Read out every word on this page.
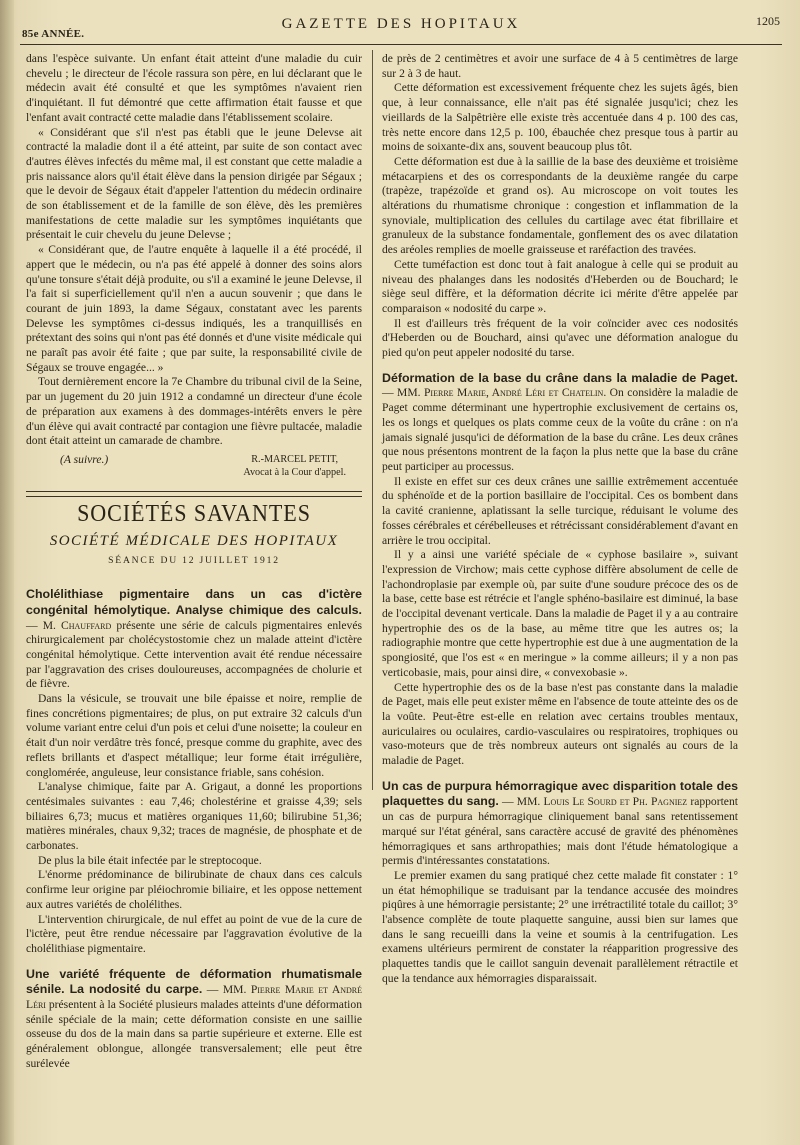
85e ANNÉE.
GAZETTE DES HOPITAUX	1205

dans l'espèce suivante. Un enfant était atteint d'une maladie du cuir chevelu ; le directeur de l'école rassura son père, en lui déclarant que le médecin avait été consulté et que les symptômes n'avaient rien d'inquiétant. Il fut démontré que cette affirmation était fausse et que l'enfant avait contracté cette maladie dans l'établissement scolaire.

« Considérant que s'il n'est pas établi que le jeune Delevse ait contracté la maladie dont il a été atteint, par suite de son contact avec d'autres élèves infectés du même mal, il est constant que cette maladie a pris naissance alors qu'il était élève dans la pension dirigée par Ségaux ; que le devoir de Ségaux était d'appeler l'attention du médecin ordinaire de son établissement et de la famille de son élève, dès les premières manifestations de cette maladie sur les symptômes inquiétants que présentait le cuir chevelu du jeune Delevse ;

« Considérant que, de l'autre enquête à laquelle il a été procédé, il appert que le médecin, ou n'a pas été appelé à donner des soins alors qu'une tonsure s'était déjà produite, ou s'il a examiné le jeune Delevse, il l'a fait si superficiellement qu'il n'en a aucun souvenir ; que dans le courant de juin 1893, la dame Ségaux, constatant avec les parents Delevse les symptômes ci-dessus indiqués, les a tranquillisés en prétextant des soins qui n'ont pas été donnés et d'une visite médicale qui ne paraît pas avoir été faite ; que par suite, la responsabilité civile de Ségaux se trouve engagée... »

Tout dernièrement encore la 7e Chambre du tribunal civil de la Seine, par un jugement du 20 juin 1912 a condamné un directeur d'une école de préparation aux examens à des dommages-intérêts envers le père d'un élève qui avait contracté par contagion une fièvre pultacée, maladie dont était atteint un camarade de chambre.

(A suivre.)	R.-MARCEL PETIT,
Avocat à la Cour d'appel.
SOCIÉTÉS SAVANTES
SOCIÉTÉ MÉDICALE DES HOPITAUX
SÉANCE DU 12 JUILLET 1912

Cholélithiase pigmentaire dans un cas d'ictère congénital hémolytique. Analyse chimique des calculs. — M. Chauffard présente une série de calculs pigmentaires enlevés chirurgicalement par cholécystostomie chez un malade atteint d'ictère congénital hémolytique. Cette intervention avait été rendue nécessaire par l'aggravation des crises douloureuses, accompagnées de cholurie et de fièvre.

Dans la vésicule, se trouvait une bile épaisse et noire, remplie de fines concrétions pigmentaires; de plus, on put extraire 32 calculs d'un volume variant entre celui d'un pois et celui d'une noisette; la couleur en était d'un noir verdâtre très foncé, presque comme du graphite, avec des reflets brillants et d'aspect métallique; leur forme était irrégulière, conglomérée, anguleuse, leur consistance friable, sans cohésion.

L'analyse chimique, faite par A. Grigaut, a donné les proportions centésimales suivantes : eau 7,46; cholestérine et graisse 4,39; sels biliaires 6,73; mucus et matières organiques 11,60; bilirubine 51,36; matières minérales, chaux 9,32; traces de magnésie, de phosphate et de carbonates.

De plus la bile était infectée par le streptocoque.

L'énorme prédominance de bilirubinate de chaux dans ces calculs confirme leur origine par pléiochromie biliaire, et les oppose nettement aux autres variétés de cholélithes.

L'intervention chirurgicale, de nul effet au point de vue de la cure de l'ictère, peut être rendue nécessaire par l'aggravation évolutive de la cholélithiase pigmentaire.

Une variété fréquente de déformation rhumatismale sénile. La nodosité du carpe. — MM. Pierre Marie et André Léri présentent à la Société plusieurs malades atteints d'une déformation sénile spéciale de la main; cette déformation consiste en une saillie osseuse du dos de la main dans sa partie supérieure et externe. Elle est généralement oblongue, allongée transversalement; elle peut être surélevée

de près de 2 centimètres et avoir une surface de 4 à 5 centimètres de large sur 2 à 3 de haut.

Cette déformation est excessivement fréquente chez les sujets âgés, bien que, à leur connaissance, elle n'ait pas été signalée jusqu'ici; chez les vieillards de la Salpêtrière elle existe très accentuée dans 4 p. 100 des cas, très nette encore dans 12,5 p. 100, ébauchée chez presque tous à partir au moins de soixante-dix ans, souvent beaucoup plus tôt.

Cette déformation est due à la saillie de la base des deuxième et troisième métacarpiens et des os correspondants de la deuxième rangée du carpe (trapèze, trapézoïde et grand os). Au microscope on voit toutes les altérations du rhumatisme chronique : congestion et inflammation de la synoviale, multiplication des cellules du cartilage avec état fibrillaire et granuleux de la substance fondamentale, gonflement des os avec dilatation des aréoles remplies de moelle graisseuse et raréfaction des travées.

Cette tuméfaction est donc tout à fait analogue à celle qui se produit au niveau des phalanges dans les nodosités d'Heberden ou de Bouchard; le siège seul diffère, et la déformation décrite ici mérite d'être appelée par comparaison « nodosité du carpe ».

Il est d'ailleurs très fréquent de la voir coïncider avec ces nodosités d'Heberden ou de Bouchard, ainsi qu'avec une déformation analogue du pied qu'on peut appeler nodosité du tarse.

Déformation de la base du crâne dans la maladie de Paget. — MM. Pierre Marie, André Léri et Chatelin. On considère la maladie de Paget comme déterminant une hypertrophie exclusivement de certains os, les os longs et quelques os plats comme ceux de la voûte du crâne : on n'a jamais signalé jusqu'ici de déformation de la base du crâne. Les deux crânes que nous présentons montrent de la façon la plus nette que la base du crâne peut participer au processus.

Il existe en effet sur ces deux crânes une saillie extrêmement accentuée du sphénoïde et de la portion basillaire de l'occipital. Ces os bombent dans la cavité cranienne, aplatissant la selle turcique, réduisant le volume des fosses cérébrales et cérébelleuses et rétrécissant considérablement d'avant en arrière le trou occipital.

Il y a ainsi une variété spéciale de « cyphose basilaire », suivant l'expression de Virchow; mais cette cyphose diffère absolument de celle de l'achondroplasie par exemple où, par suite d'une soudure précoce des os de la base, cette base est rétrécie et l'angle sphéno-basilaire est diminué, la base de l'occipital devenant verticale. Dans la maladie de Paget il y a au contraire hypertrophie des os de la base, au même titre que les autres os; la radiographie montre que cette hypertrophie est due à une augmentation de la spongiosité, que l'os est « en meringue » la comme ailleurs; il y a non pas verticobasie, mais, pour ainsi dire, « convexobasie ».

Cette hypertrophie des os de la base n'est pas constante dans la maladie de Paget, mais elle peut exister même en l'absence de toute atteinte des os de la voûte. Peut-être est-elle en relation avec certains troubles mentaux, auriculaires ou oculaires, cardio-vasculaires ou respiratoires, trophiques ou vaso-moteurs que de très nombreux auteurs ont signalés au cours de la maladie de Paget.

Un cas de purpura hémorragique avec disparition totale des plaquettes du sang. — MM. Louis Le Sourd et Ph. Pagniez rapportent un cas de purpura hémorragique cliniquement banal sans retentissement marqué sur l'état général, sans caractère accusé de gravité des phénomènes hémorragiques et sans arthropathies; mais dont l'étude hématologique a permis d'intéressantes constatations.

Le premier examen du sang pratiqué chez cette malade fit constater : 1° un état hémophilique se traduisant par la tendance accusée des moindres piqûres à une hémorragie persistante; 2° une irrétractilité totale du caillot; 3° l'absence complète de toute plaquette sanguine, aussi bien sur lames que dans le sang recueilli dans la veine et soumis à la centrifugation. Les examens ultérieurs permirent de constater la réapparition progressive des plaquettes tandis que le caillot sanguin devenait parallèlement rétractile et que la tendance aux hémorragies disparaissait.
